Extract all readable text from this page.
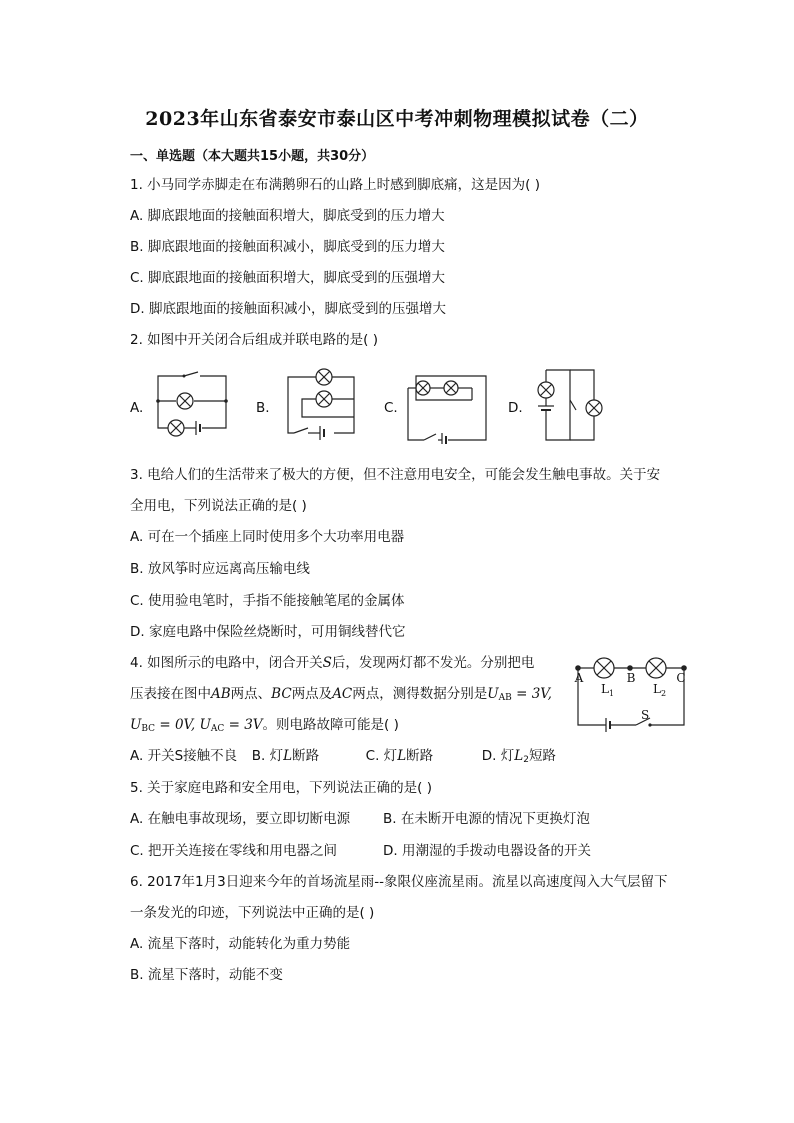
2023年山东省泰安市泰山区中考冲刺物理模拟试卷（二）
一、单选题（本大题共15小题，共30分）
1. 小马同学赤脚走在布满鹅卵石的山路上时感到脚底痛，这是因为( )
A. 脚底跟地面的接触面积增大，脚底受到的压力增大
B. 脚底跟地面的接触面积减小，脚底受到的压力增大
C. 脚底跟地面的接触面积增大，脚底受到的压强增大
D. 脚底跟地面的接触面积减小，脚底受到的压强增大
2. 如图中开关闭合后组成并联电路的是( )
A.	B.	C.	D.
3. 电给人们的生活带来了极大的方便，但不注意用电安全，可能会发生触电事故。关于安
全用电，下列说法正确的是( )
A. 可在一个插座上同时使用多个大功率用电器
B. 放风筝时应远离高压输电线
C. 使用验电笔时，手指不能接触笔尾的金属体
D. 家庭电路中保险丝烧断时，可用铜线替代它
4. 如图所示的电路中，闭合开关S后，发现两灯都不发光。分别把电
压表接在图中AB两点、BC两点及AC两点，测得数据分别是$U_{AB} = 3V$,
$U_{BC} = 0V$, $U_{AC} = 3V$。则电路故障可能是( )
A	B	C
$L_1$	$L_2$
S
A. 开关S接触不良 B. 灯L断路	C. 灯L断路	D. 灯$L_2$短路
5. 关于家庭电路和安全用电，下列说法正确的是( )
A. 在触电事故现场，要立即切断电源 B. 在未断开电源的情况下更换灯泡
C. 把开关连接在零线和用电器之间	D. 用潮湿的手拨动电器设备的开关
6. 2017年1月3日迎来今年的首场流星雨--象限仪座流星雨。流星以高速度闯入大气层留下
一条发光的印迹，下列说法中正确的是( )
A. 流星下落时，动能转化为重力势能
B. 流星下落时，动能不变
